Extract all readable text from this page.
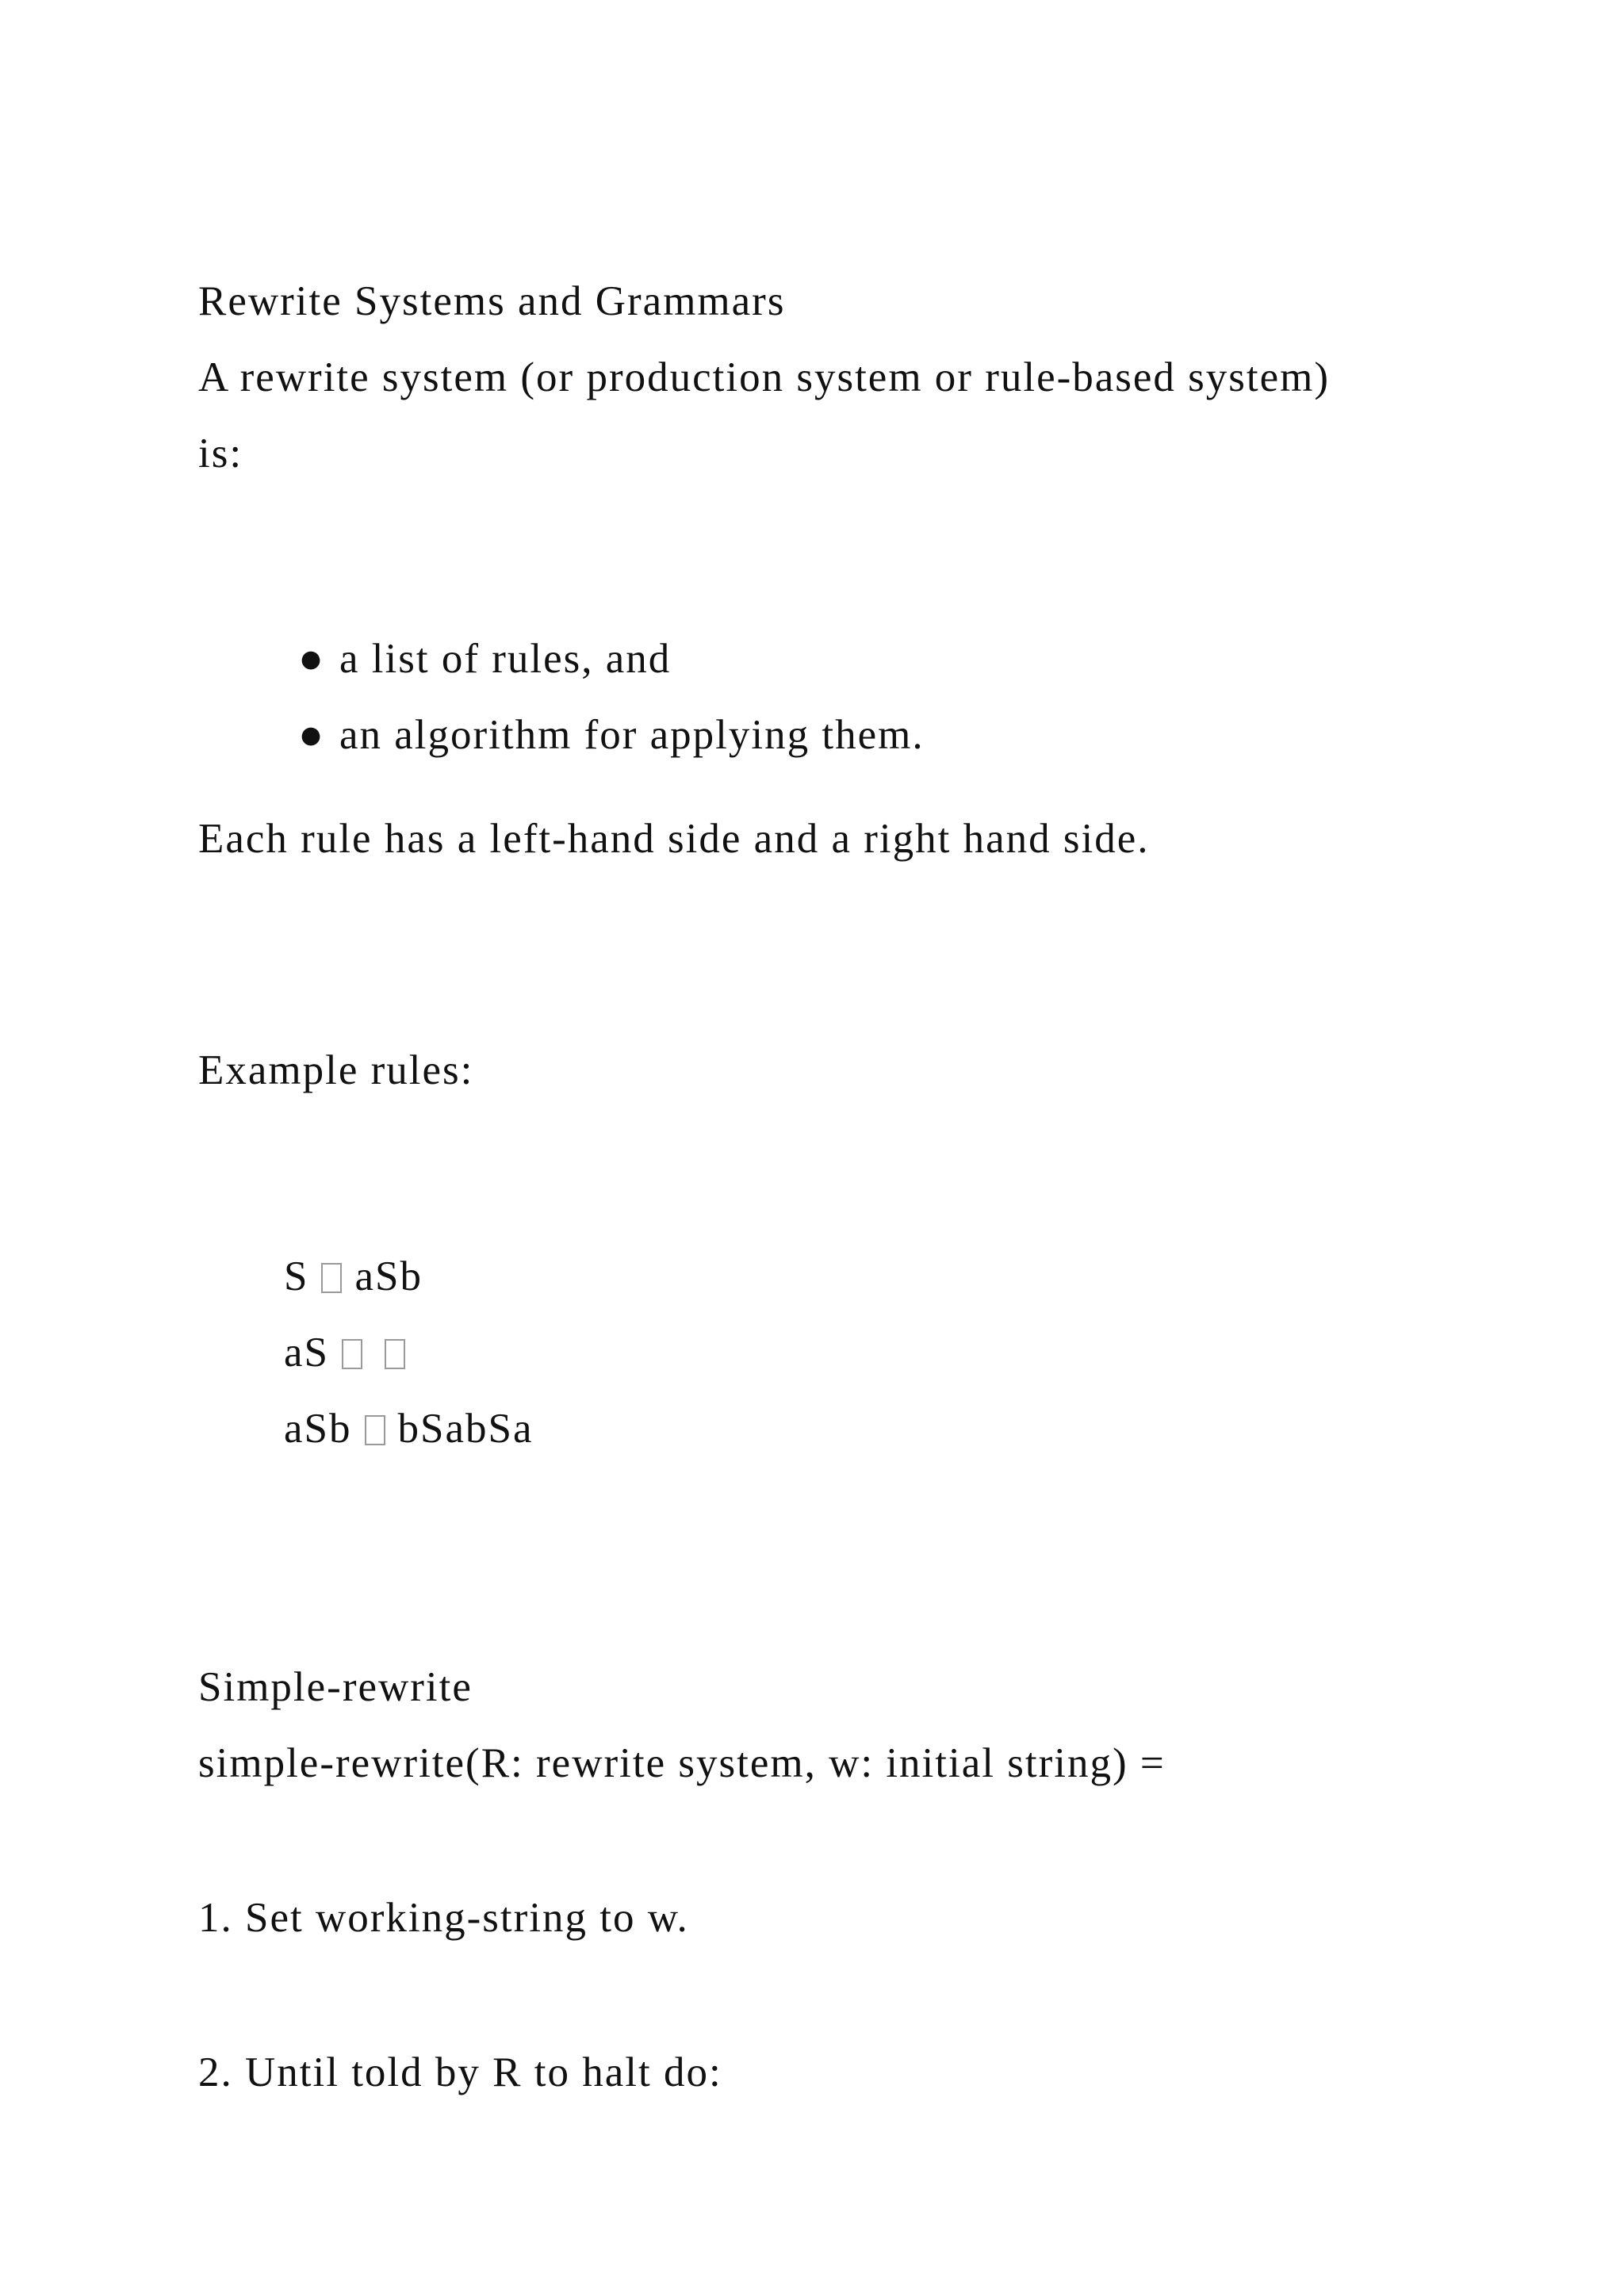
Rewrite Systems and Grammars
A rewrite system (or production system or rule-based system)
is:

● a list of rules, and

● an algorithm for applying them.

Each rule has a left-hand side and a right hand side.
Example rules:

S aSb

aS

aSb bSabSa

Simple-rewrite
simple-rewrite(R: rewrite system, w: initial string) =
1. Set working-string to w.
2. Until told by R to halt do:
